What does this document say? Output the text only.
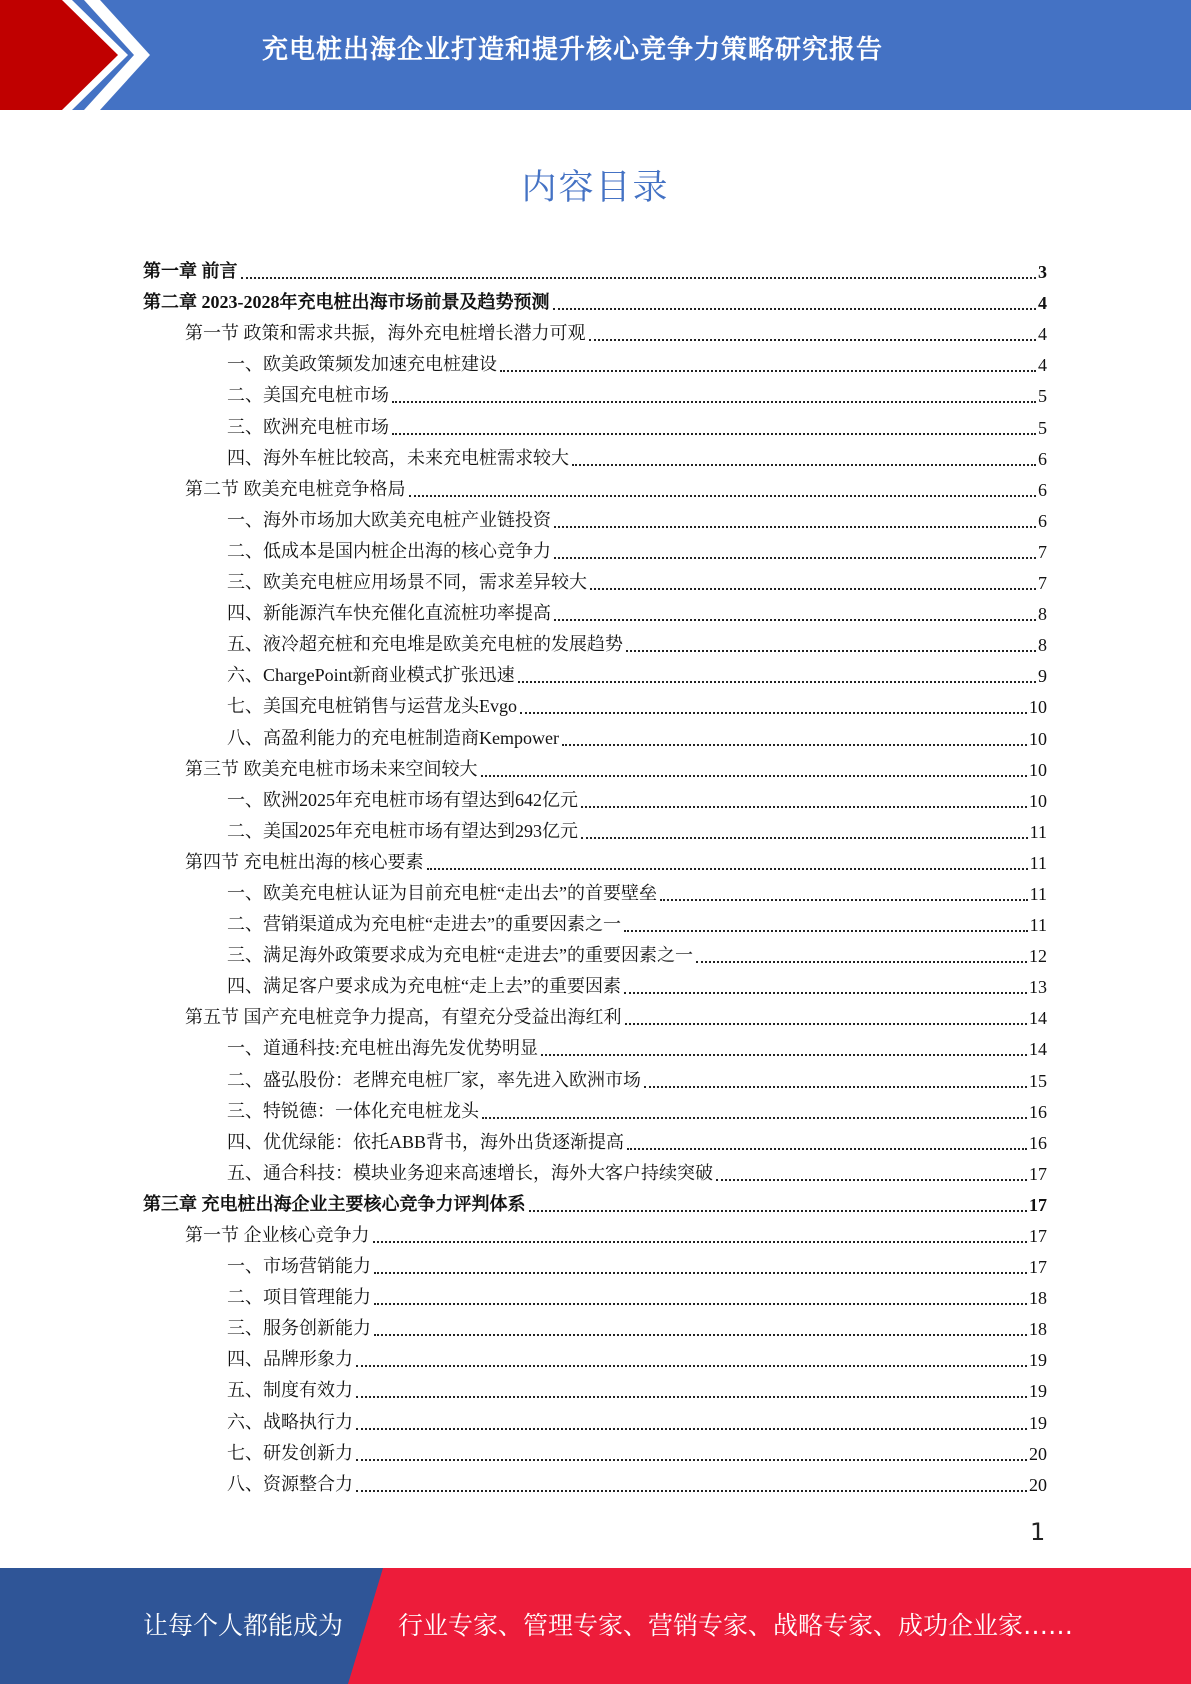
充电桩出海企业打造和提升核心竞争力策略研究报告
内容目录
第一章 前言	3
第二章 2023-2028年充电桩出海市场前景及趋势预测	4
第一节 政策和需求共振，海外充电桩增长潜力可观	4
一、欧美政策频发加速充电桩建设	4
二、美国充电桩市场	5
三、欧洲充电桩市场	5
四、海外车桩比较高，未来充电桩需求较大	6
第二节 欧美充电桩竞争格局	6
一、海外市场加大欧美充电桩产业链投资	6
二、低成本是国内桩企出海的核心竞争力	7
三、欧美充电桩应用场景不同，需求差异较大	7
四、新能源汽车快充催化直流桩功率提高	8
五、液冷超充桩和充电堆是欧美充电桩的发展趋势	8
六、ChargePoint新商业模式扩张迅速	9
七、美国充电桩销售与运营龙头Evgo	10
八、高盈利能力的充电桩制造商Kempower	10
第三节 欧美充电桩市场未来空间较大	10
一、欧洲2025年充电桩市场有望达到642亿元	10
二、美国2025年充电桩市场有望达到293亿元	11
第四节 充电桩出海的核心要素	11
一、欧美充电桩认证为目前充电桩“走出去”的首要壁垒	11
二、营销渠道成为充电桩“走进去”的重要因素之一	11
三、满足海外政策要求成为充电桩“走进去”的重要因素之一	12
四、满足客户要求成为充电桩“走上去”的重要因素	13
第五节 国产充电桩竞争力提高，有望充分受益出海红利	14
一、道通科技:充电桩出海先发优势明显	14
二、盛弘股份：老牌充电桩厂家，率先进入欧洲市场	15
三、特锐德：一体化充电桩龙头	16
四、优优绿能：依托ABB背书，海外出货逐渐提高	16
五、通合科技：模块业务迎来高速增长，海外大客户持续突破	17
第三章 充电桩出海企业主要核心竞争力评判体系	17
第一节 企业核心竞争力	17
一、市场营销能力	17
二、项目管理能力	18
三、服务创新能力	18
四、品牌形象力	19
五、制度有效力	19
六、战略执行力	19
七、研发创新力	20
八、资源整合力	20
1
让每个人都能成为 行业专家、管理专家、营销专家、战略专家、成功企业家……
